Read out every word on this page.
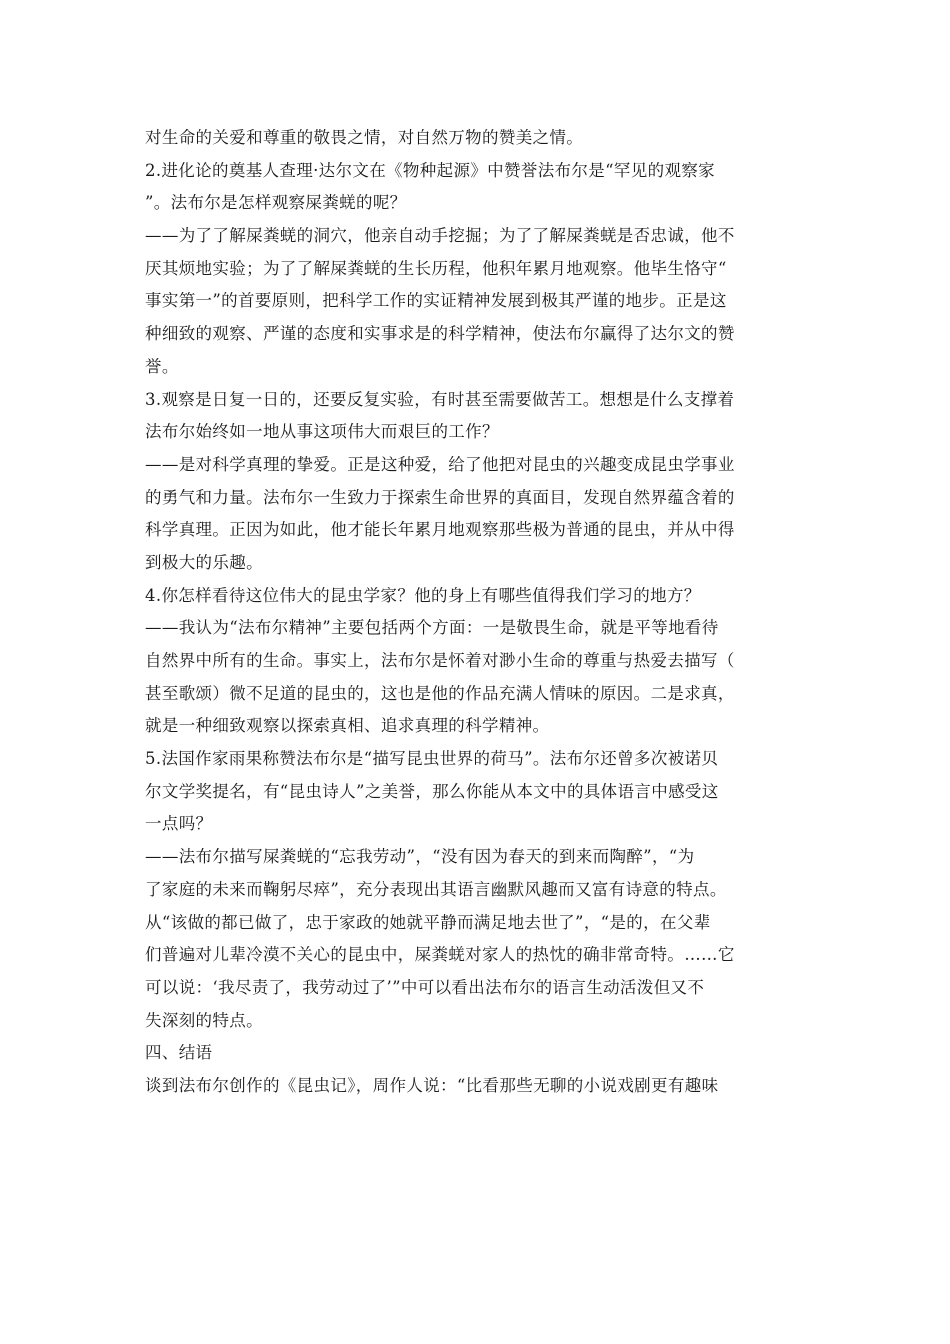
对生命的关爱和尊重的敬畏之情，对自然万物的赞美之情。
2.进化论的奠基人查理·达尔文在《物种起源》中赞誉法布尔是“罕见的观察家
”。法布尔是怎样观察屎粪蜣的呢？
——为了了解屎粪蜣的洞穴，他亲自动手挖掘；为了了解屎粪蜣是否忠诚，他不
厌其烦地实验；为了了解屎粪蜣的生长历程，他积年累月地观察。他毕生恪守“
事实第一”的首要原则，把科学工作的实证精神发展到极其严谨的地步。正是这
种细致的观察、严谨的态度和实事求是的科学精神，使法布尔赢得了达尔文的赞
誉。
3.观察是日复一日的，还要反复实验，有时甚至需要做苦工。想想是什么支撑着
法布尔始终如一地从事这项伟大而艰巨的工作？
——是对科学真理的挚爱。正是这种爱，给了他把对昆虫的兴趣变成昆虫学事业
的勇气和力量。法布尔一生致力于探索生命世界的真面目，发现自然界蕴含着的
科学真理。正因为如此，他才能长年累月地观察那些极为普通的昆虫，并从中得
到极大的乐趣。
4.你怎样看待这位伟大的昆虫学家？他的身上有哪些值得我们学习的地方？
——我认为“法布尔精神”主要包括两个方面：一是敬畏生命，就是平等地看待
自然界中所有的生命。事实上，法布尔是怀着对渺小生命的尊重与热爱去描写（
甚至歌颂）微不足道的昆虫的，这也是他的作品充满人情味的原因。二是求真，
就是一种细致观察以探索真相、追求真理的科学精神。
5.法国作家雨果称赞法布尔是“描写昆虫世界的荷马”。法布尔还曾多次被诺贝
尔文学奖提名，有“昆虫诗人”之美誉，那么你能从本文中的具体语言中感受这
一点吗？
——法布尔描写屎粪蜣的“忘我劳动”，“没有因为春天的到来而陶醉”，“为
了家庭的未来而鞠躬尽瘁”，充分表现出其语言幽默风趣而又富有诗意的特点。
从“该做的都已做了，忠于家政的她就平静而满足地去世了”，“是的，在父辈
们普遍对儿辈冷漠不关心的昆虫中，屎粪蜣对家人的热忱的确非常奇特。……它
可以说：‘我尽责了，我劳动过了’”中可以看出法布尔的语言生动活泼但又不
失深刻的特点。
四、结语
谈到法布尔创作的《昆虫记》，周作人说：“比看那些无聊的小说戏剧更有趣味
